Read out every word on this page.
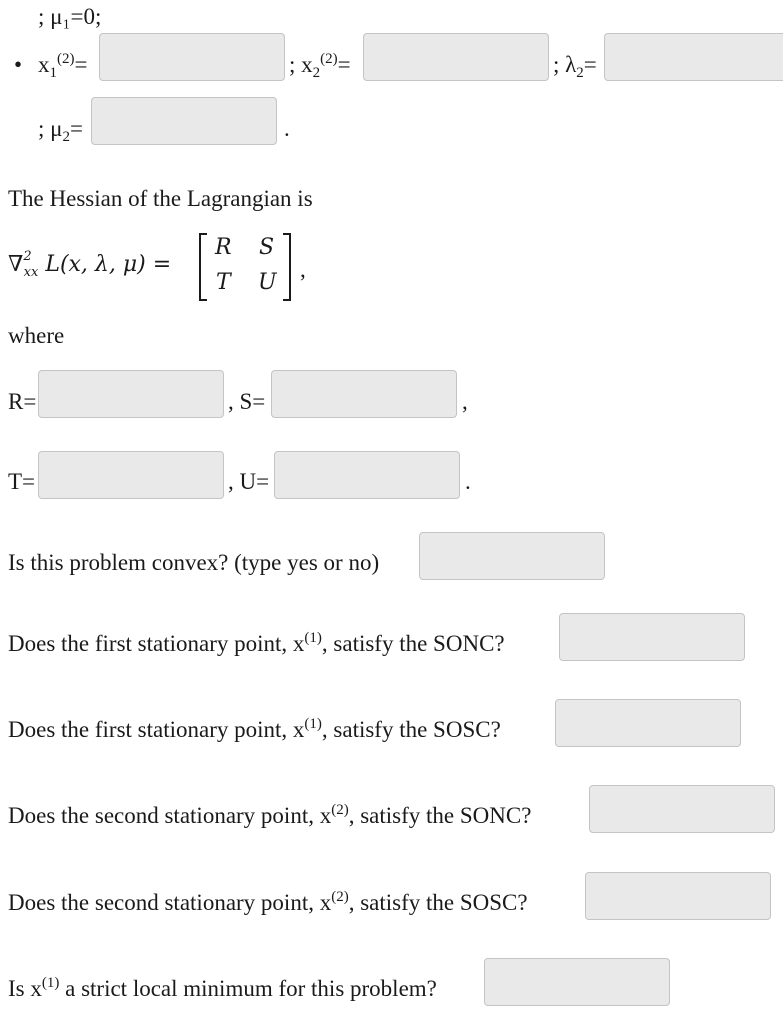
; μ₁=0;
• $x_1^{(2)}=$	; $x_2^{(2)}=$	; $\lambda_2=$
; $\mu_2=$	.
The Hessian of the Lagrangian is
∇$^2_{xx}$ L(x, λ, μ) =
R S
T U
,
where
R=	, S=	,
T=	, U=	.
Is this problem convex? (type yes or no)
Does the first stationary point, $x^{(1)}$, satisfy the SONC?
Does the first stationary point, $x^{(1)}$, satisfy the SOSC?
Does the second stationary point, $x^{(2)}$, satisfy the SONC?
Does the second stationary point, $x^{(2)}$, satisfy the SOSC?
Is $x^{(1)}$ a strict local minimum for this problem?
